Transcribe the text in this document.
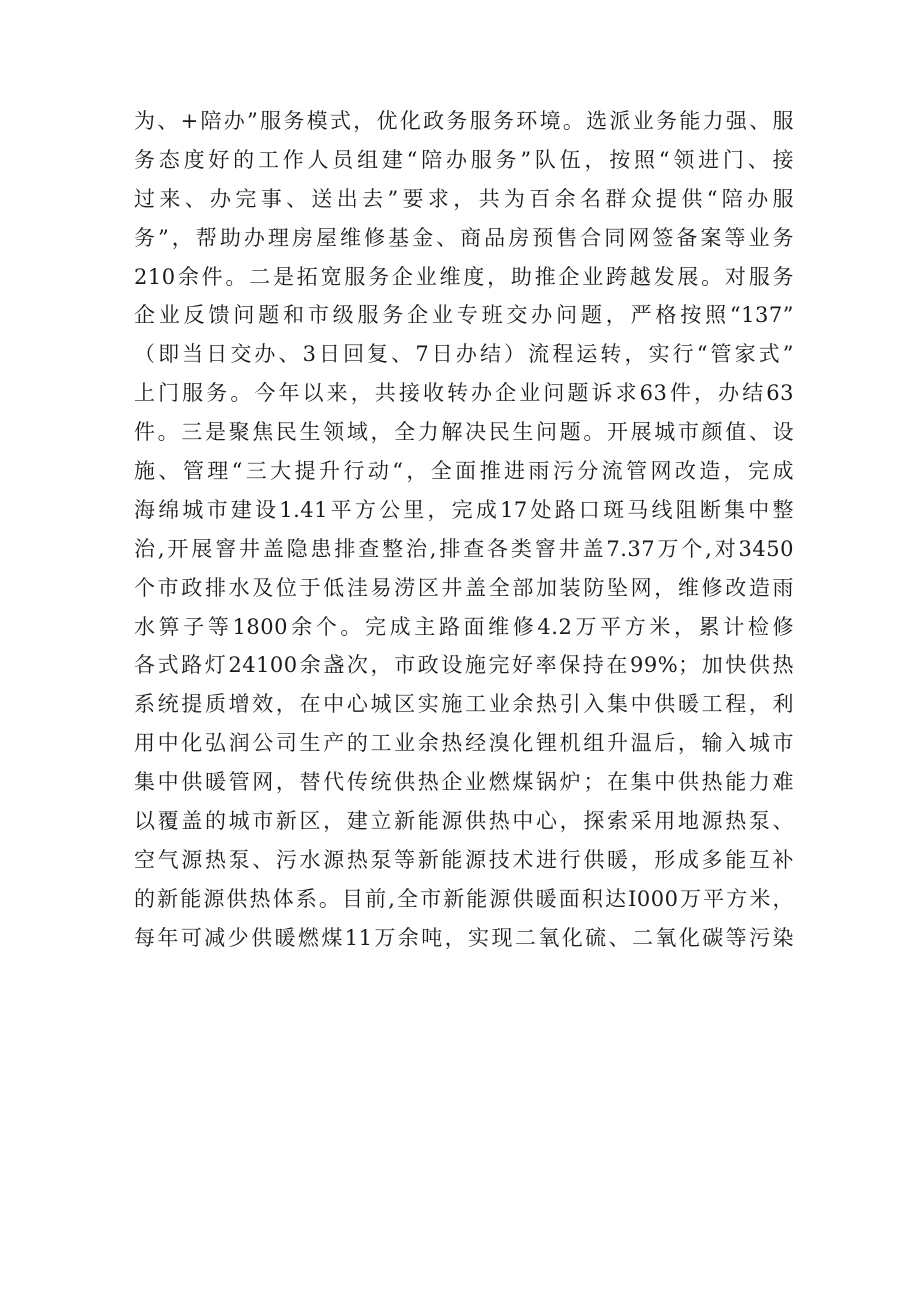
为、+陪办”服务模式，优化政务服务环境。选派业务能力强、服
务态度好的工作人员组建“陪办服务”队伍，按照“领进门、接
过来、办完事、送出去”要求，共为百余名群众提供“陪办服
务”，帮助办理房屋维修基金、商品房预售合同网签备案等业务
210余件。二是拓宽服务企业维度，助推企业跨越发展。对服务
企业反馈问题和市级服务企业专班交办问题，严格按照“137”
（即当日交办、3日回复、7日办结）流程运转，实行“管家式”
上门服务。今年以来，共接收转办企业问题诉求63件，办结63
件。三是聚焦民生领域，全力解决民生问题。开展城市颜值、设
施、管理“三大提升行动“，全面推进雨污分流管网改造，完成
海绵城市建设1.41平方公里，完成17处路口斑马线阻断集中整
治,开展窨井盖隐患排查整治,排查各类窨井盖7.37万个,对3450
个市政排水及位于低洼易涝区井盖全部加装防坠网，维修改造雨
水箅子等1800余个。完成主路面维修4.2万平方米，累计检修
各式路灯24100余盏次，市政设施完好率保持在99%；加快供热
系统提质增效，在中心城区实施工业余热引入集中供暖工程，利
用中化弘润公司生产的工业余热经溴化锂机组升温后，输入城市
集中供暖管网，替代传统供热企业燃煤锅炉；在集中供热能力难
以覆盖的城市新区，建立新能源供热中心，探索采用地源热泵、
空气源热泵、污水源热泵等新能源技术进行供暖，形成多能互补
的新能源供热体系。目前,全市新能源供暖面积达I000万平方米，
每年可减少供暖燃煤11万余吨，实现二氧化硫、二氧化碳等污染
